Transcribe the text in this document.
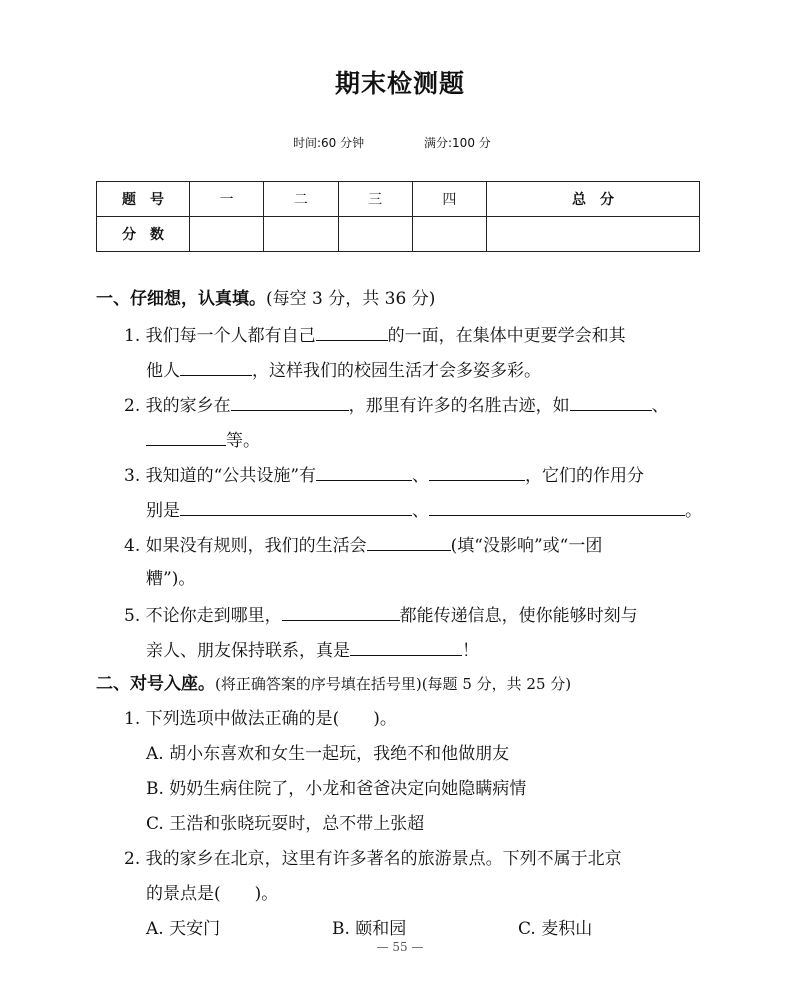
期末检测题
时间:60 分钟	满分:100 分
题　号	一	二	三	四	总　分
分　数					
一、仔细想，认真填。(每空 3 分，共 36 分)
1. 我们每一个人都有自己	的一面，在集体中更要学会和其
他人	，这样我们的校园生活才会多姿多彩。
2. 我的家乡在	，那里有许多的名胜古迹，如	、
等。
3. 我知道的“公共设施”有	、	，它们的作用分
别是	、	。
4. 如果没有规则，我们的生活会	(填“没影响”或“一团
糟”)。
5. 不论你走到哪里，	都能传递信息，使你能够时刻与
亲人、朋友保持联系，真是	！
二、对号入座。(将正确答案的序号填在括号里)(每题 5 分，共 25 分)
1. 下列选项中做法正确的是(　　)。
A. 胡小东喜欢和女生一起玩，我绝不和他做朋友
B. 奶奶生病住院了，小龙和爸爸决定向她隐瞒病情
C. 王浩和张晓玩耍时，总不带上张超
2. 我的家乡在北京，这里有许多著名的旅游景点。下列不属于北京
的景点是(　　)。
A. 天安门	B. 颐和园	C. 麦积山
— 55 —
